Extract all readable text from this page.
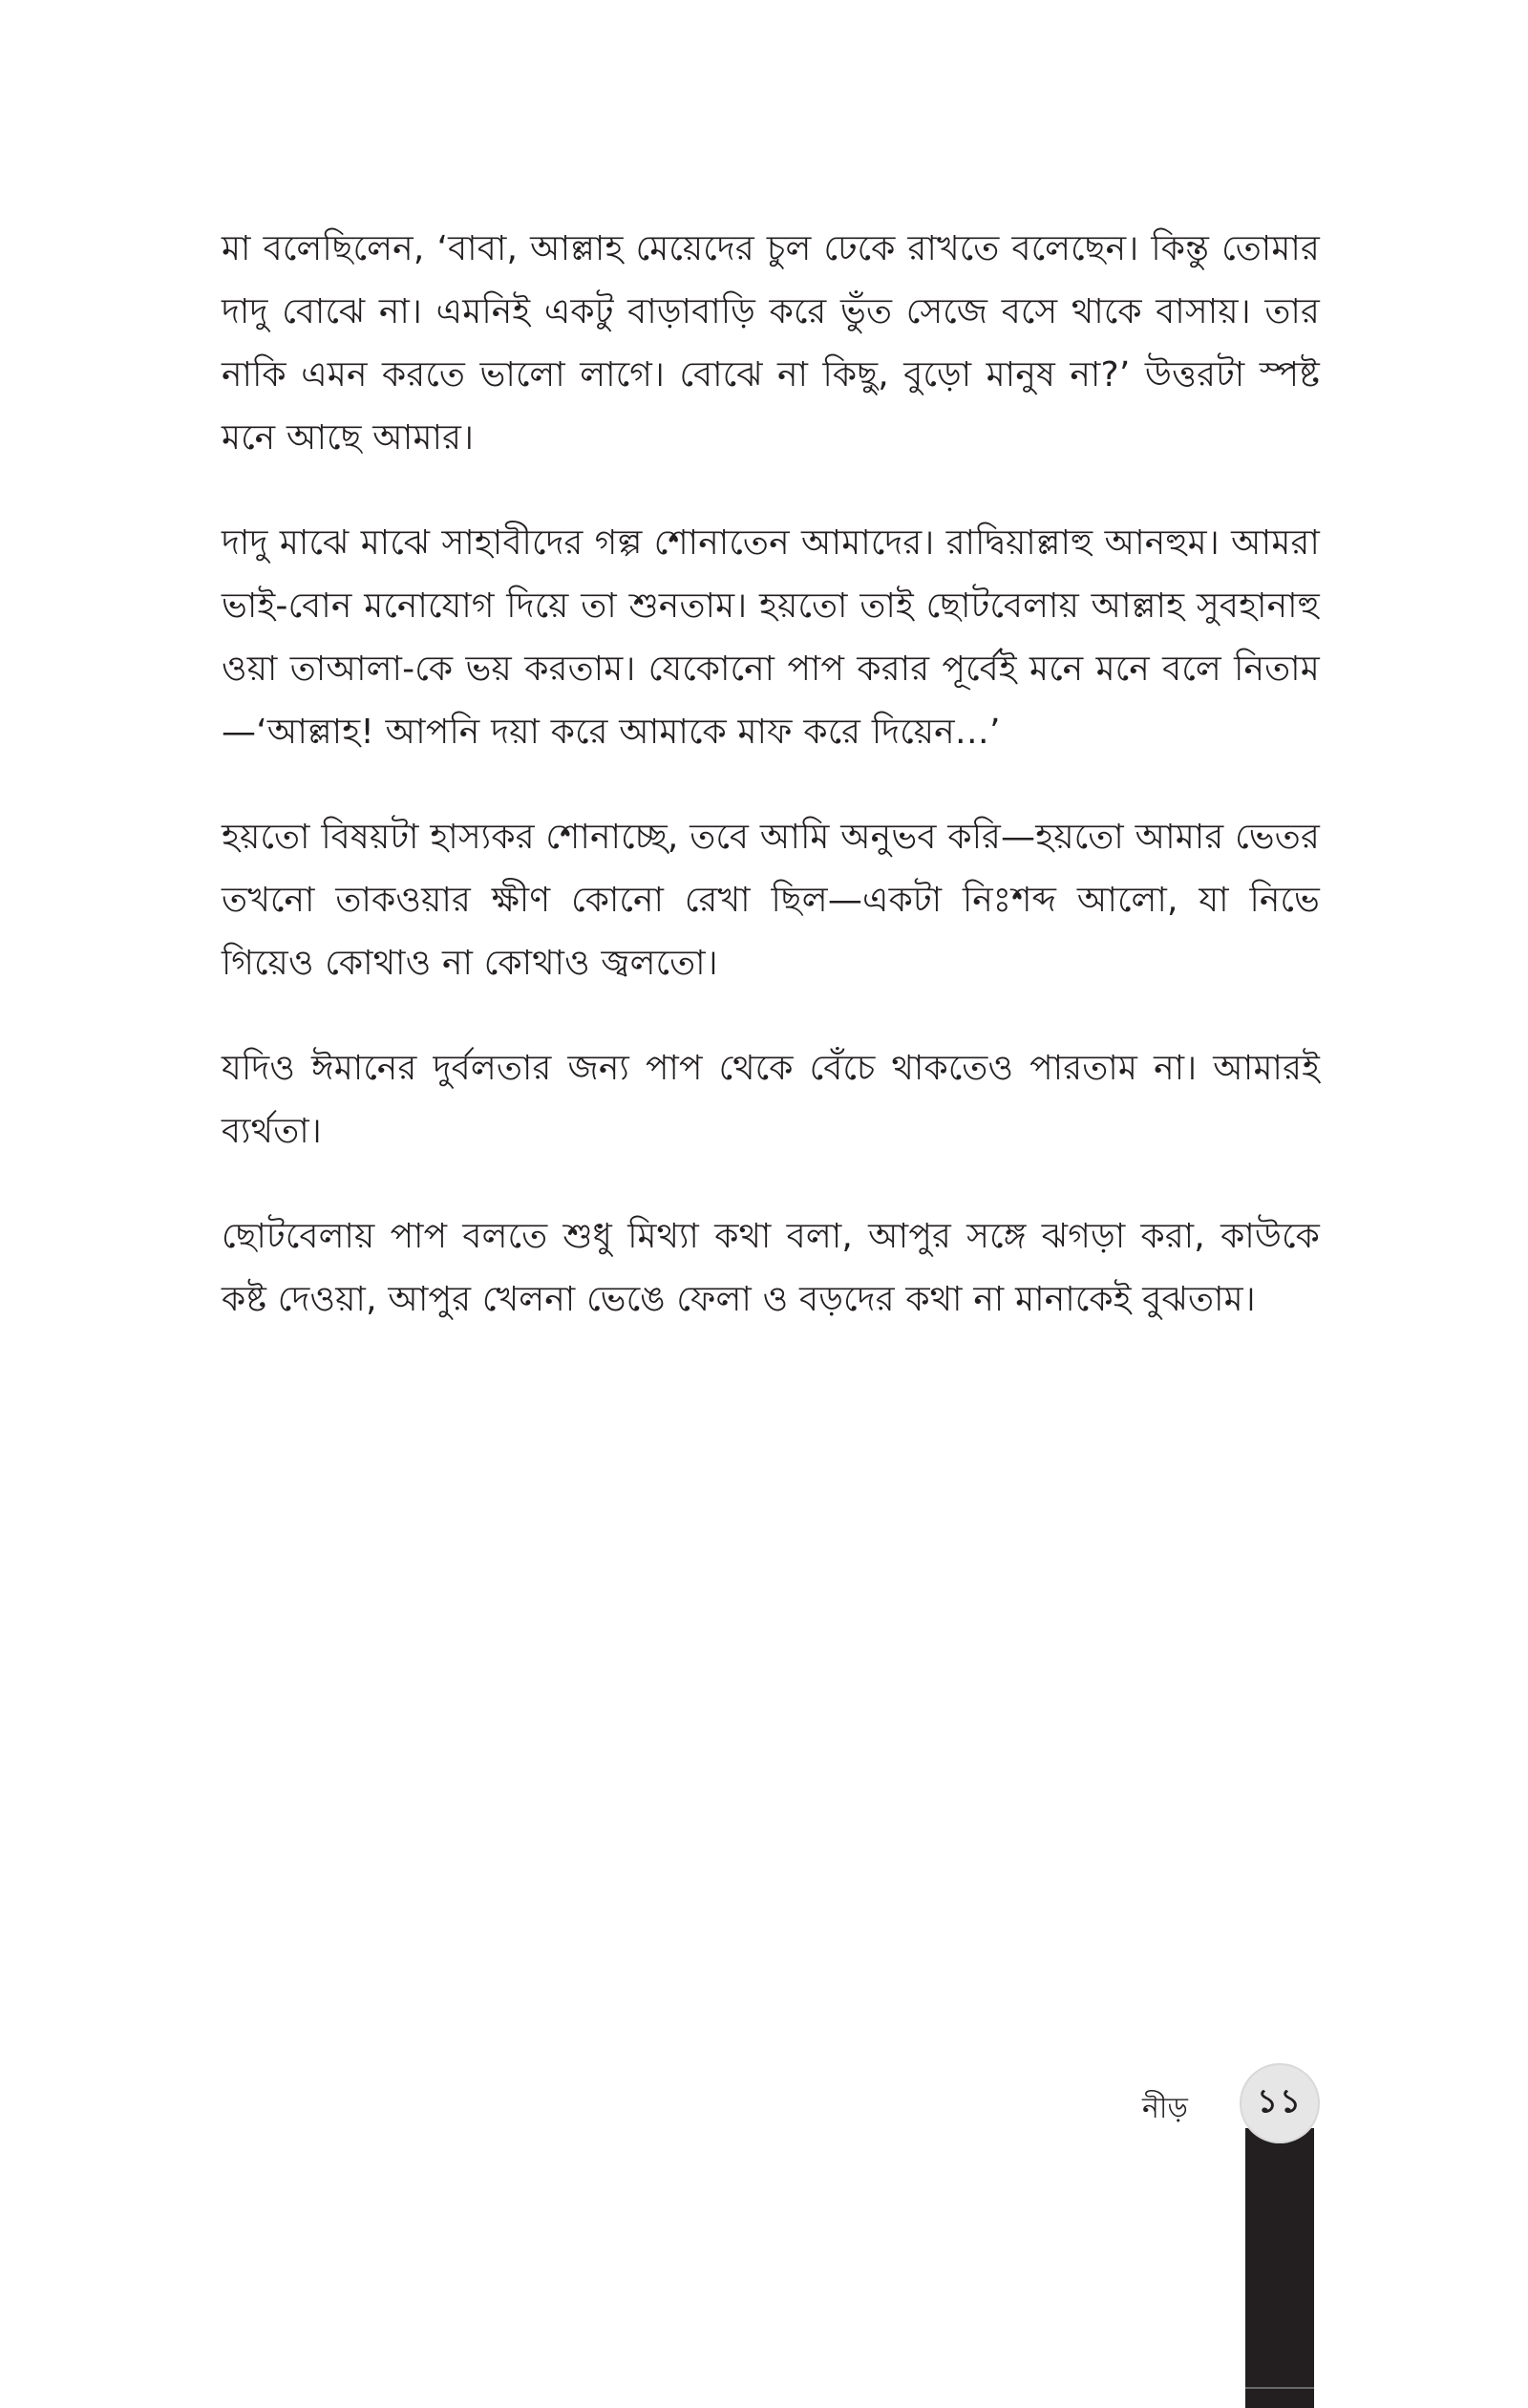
মা বলেছিলেন, ‘বাবা, আল্লাহ মেয়েদের চুল ঢেকে রাখতে বলেছেন। কিন্তু তোমার দাদু বোঝে না। এমনিই একটু বাড়াবাড়ি করে ভুঁত সেজে বসে থাকে বাসায়। তার নাকি এমন করতে ভালো লাগে। বোঝে না কিছু, বুড়ো মানুষ না?’ উত্তরটা স্পষ্ট মনে আছে আমার।

দাদু মাঝে মাঝে সাহাবীদের গল্প শোনাতেন আমাদের। রাদ্বিয়াল্লাহু আনহুম। আমরা ভাই-বোন মনোযোগ দিয়ে তা শুনতাম। হয়তো তাই ছোটবেলায় আল্লাহ সুবহানাহু ওয়া তাআলা-কে ভয় করতাম। যেকোনো পাপ করার পূর্বেই মনে মনে বলে নিতাম—‘আল্লাহ! আপনি দয়া করে আমাকে মাফ করে দিয়েন…’

হয়তো বিষয়টা হাস্যকর শোনাচ্ছে, তবে আমি অনুভব করি—হয়তো আমার ভেতর তখনো তাকওয়ার ক্ষীণ কোনো রেখা ছিল—একটা নিঃশব্দ আলো, যা নিভে গিয়েও কোথাও না কোথাও জ্বলতো।

যদিও ঈমানের দুর্বলতার জন্য পাপ থেকে বেঁচে থাকতেও পারতাম না। আমারই ব্যর্থতা।

ছোটবেলায় পাপ বলতে শুধু মিথ্যা কথা বলা, আপুর সঙ্গে ঝগড়া করা, কাউকে কষ্ট দেওয়া, আপুর খেলনা ভেঙে ফেলা ও বড়দের কথা না মানাকেই বুঝতাম।

নীড়	১১
